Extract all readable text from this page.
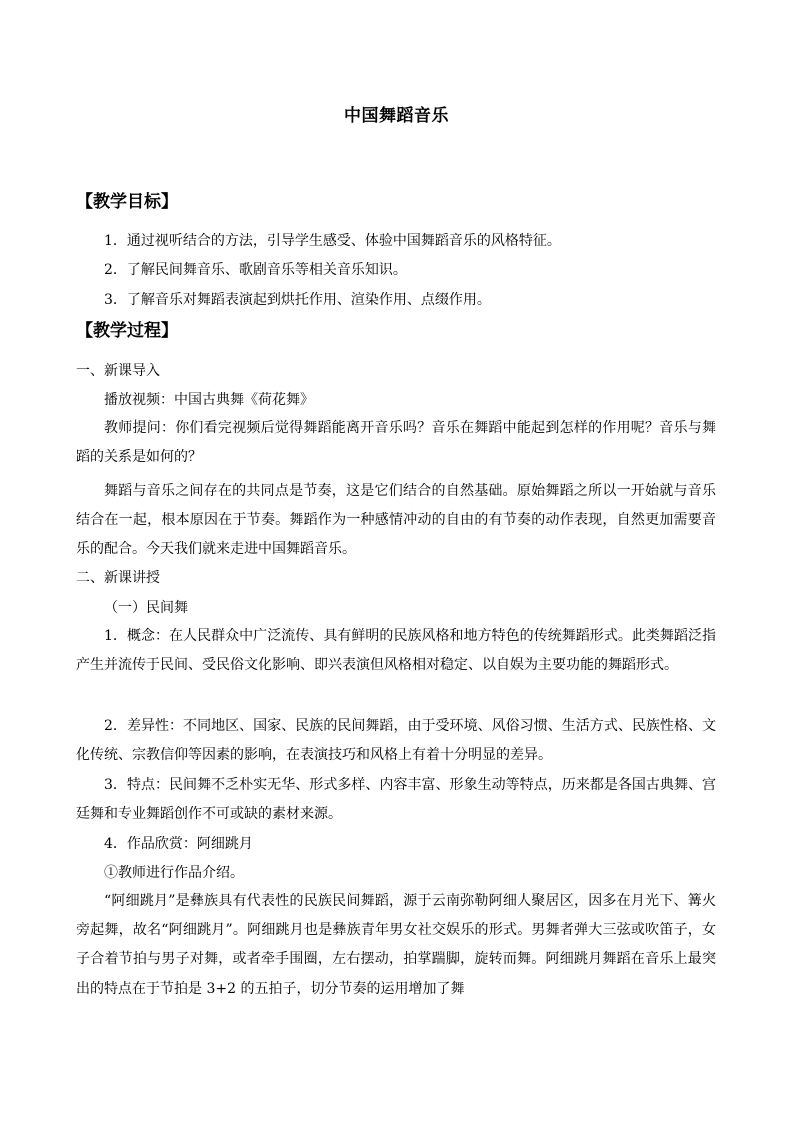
中国舞蹈音乐
【教学目标】
1．通过视听结合的方法，引导学生感受、体验中国舞蹈音乐的风格特征。
2．了解民间舞音乐、歌剧音乐等相关音乐知识。
3．了解音乐对舞蹈表演起到烘托作用、渲染作用、点缀作用。
【教学过程】
一、新课导入
播放视频：中国古典舞《荷花舞》
教师提问：你们看完视频后觉得舞蹈能离开音乐吗？音乐在舞蹈中能起到怎样的作用呢？音乐与舞蹈的关系是如何的？
舞蹈与音乐之间存在的共同点是节奏，这是它们结合的自然基础。原始舞蹈之所以一开始就与音乐结合在一起，根本原因在于节奏。舞蹈作为一种感情冲动的自由的有节奏的动作表现，自然更加需要音乐的配合。今天我们就来走进中国舞蹈音乐。
二、新课讲授
（一）民间舞
1．概念：在人民群众中广泛流传、具有鲜明的民族风格和地方特色的传统舞蹈形式。此类舞蹈泛指产生并流传于民间、受民俗文化影响、即兴表演但风格相对稳定、以自娱为主要功能的舞蹈形式。
2．差异性：不同地区、国家、民族的民间舞蹈，由于受环境、风俗习惯、生活方式、民族性格、文化传统、宗教信仰等因素的影响，在表演技巧和风格上有着十分明显的差异。
3．特点：民间舞不乏朴实无华、形式多样、内容丰富、形象生动等特点，历来都是各国古典舞、宫廷舞和专业舞蹈创作不可或缺的素材来源。
4．作品欣赏：阿细跳月
①教师进行作品介绍。
“阿细跳月”是彝族具有代表性的民族民间舞蹈，源于云南弥勒阿细人聚居区，因多在月光下、篝火旁起舞，故名“阿细跳月”。阿细跳月也是彝族青年男女社交娱乐的形式。男舞者弹大三弦或吹笛子，女子合着节拍与男子对舞，或者牵手围圈，左右摆动，拍掌踹脚，旋转而舞。阿细跳月舞蹈在音乐上最突出的特点在于节拍是 3+2 的五拍子，切分节奏的运用增加了舞
